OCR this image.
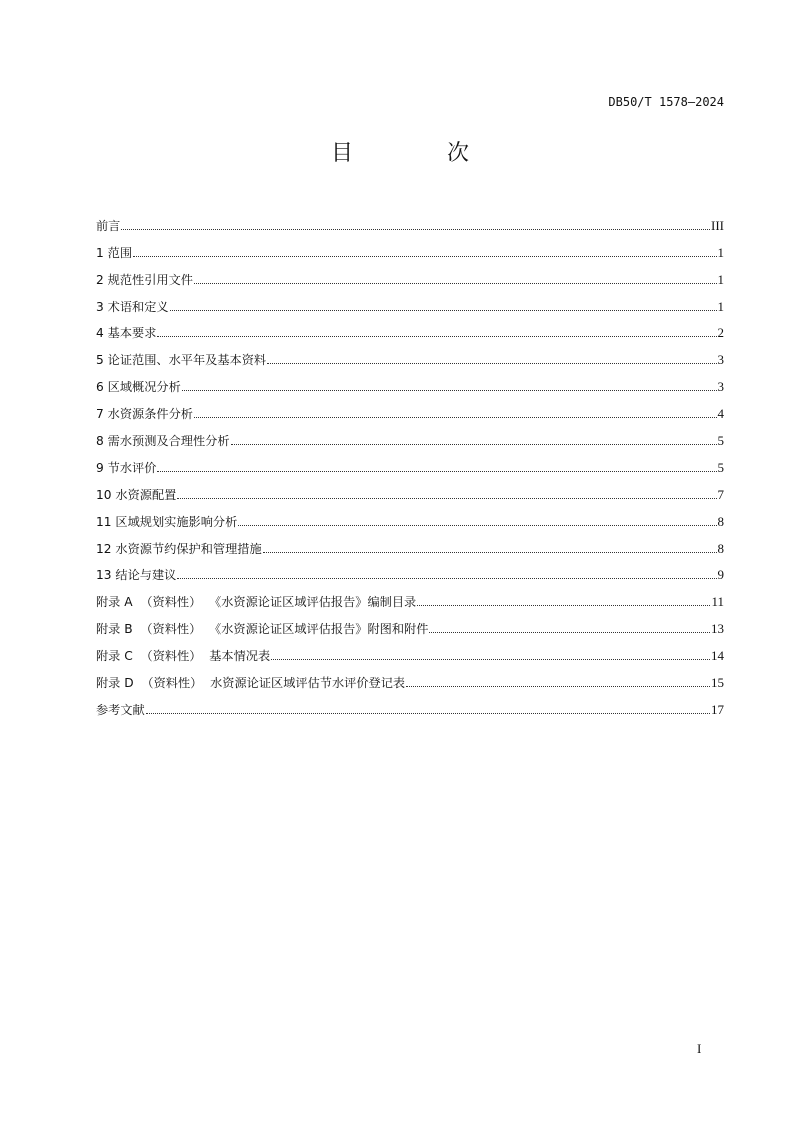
DB50/T 1578—2024
目　次
前言	III
1 范围	1
2 规范性引用文件	1
3 术语和定义	1
4 基本要求	2
5 论证范围、水平年及基本资料	3
6 区域概况分析	3
7 水资源条件分析	4
8 需水预测及合理性分析	5
9 节水评价	5
10 水资源配置	7
11 区域规划实施影响分析	8
12 水资源节约保护和管理措施	8
13 结论与建议	9
附录 A  （资料性）  《水资源论证区域评估报告》编制目录	11
附录 B  （资料性）  《水资源论证区域评估报告》附图和附件	13
附录 C  （资料性）  基本情况表	14
附录 D  （资料性）  水资源论证区域评估节水评价登记表	15
参考文献	17
I
